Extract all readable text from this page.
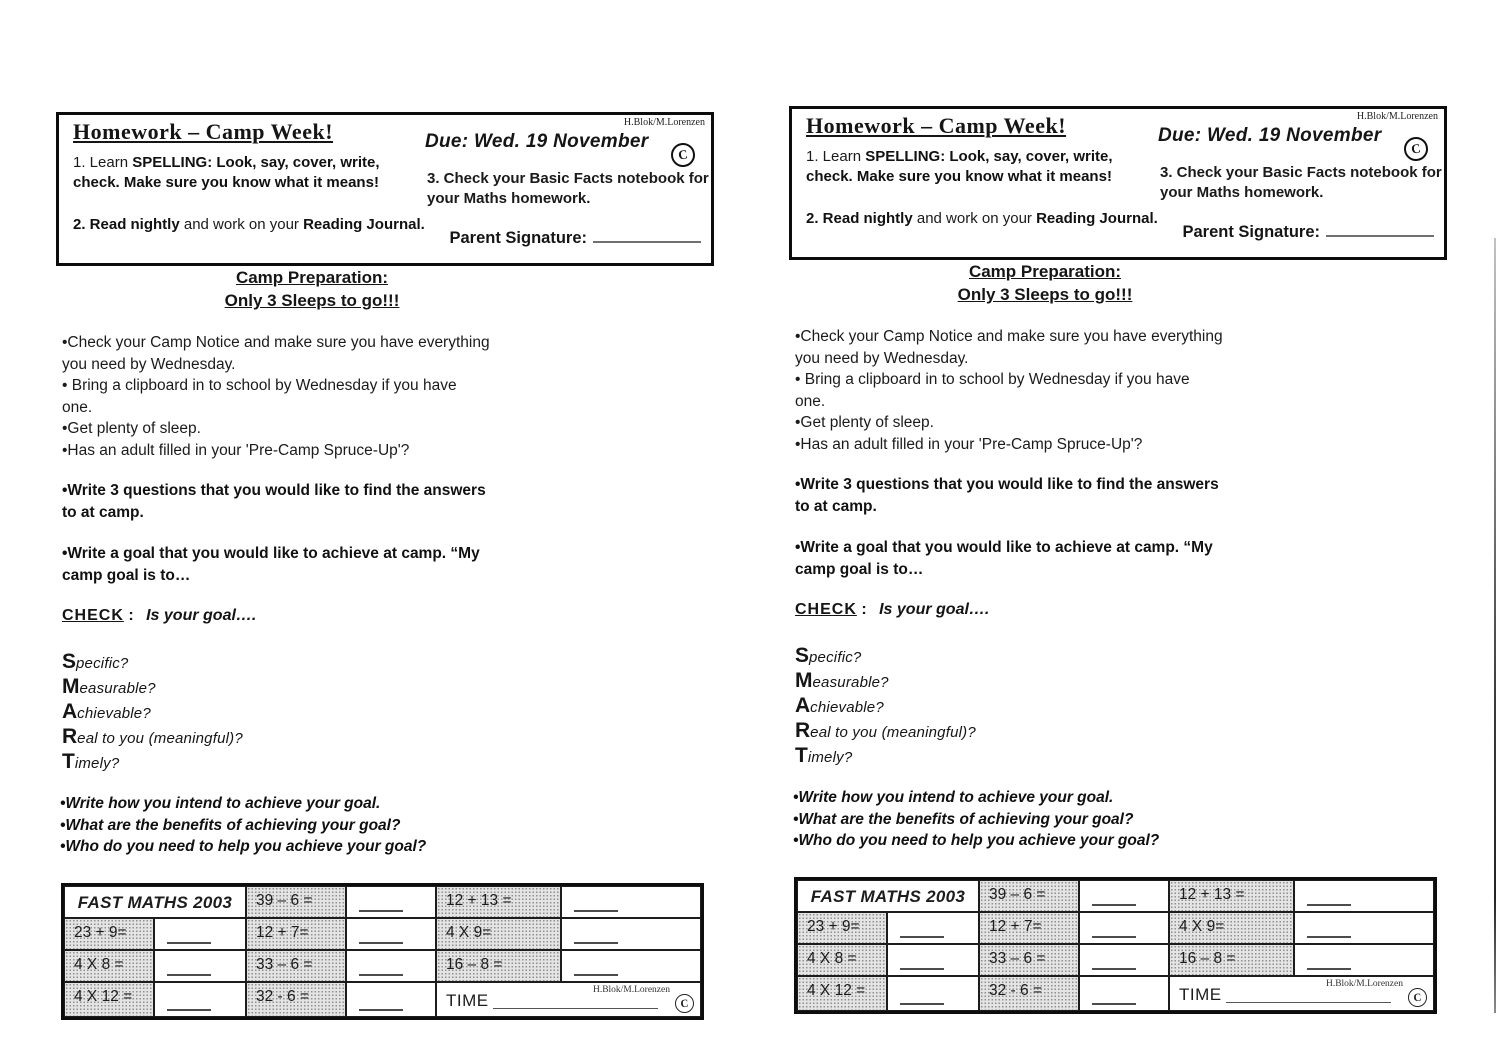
Homework – Camp Week!	H.Blok/M.Lorenzen
Due: Wed. 19 November
C

1. Learn SPELLING: Look, say, cover, write, check. Make sure you know what it means!	3. Check your Basic Facts notebook for your Maths homework.

2. Read nightly and work on your Reading Journal.

Parent Signature:
Camp Preparation:
Only 3 Sleeps to go!!!
•Check your Camp Notice and make sure you have everything you need by Wednesday.
• Bring a clipboard in to school by Wednesday if you have one.
•Get plenty of sleep.
•Has an adult filled in your 'Pre-Camp Spruce-Up'?
•Write 3 questions that you would like to find the answers to at camp.
•Write a goal that you would like to achieve at camp. “My camp goal is to…
CHECK : Is your goal….
Specific?
Measurable?
Achievable?
Real to you (meaningful)?
Timely?
•Write how you intend to achieve your goal.
•What are the benefits of achieving your goal?
•Who do you need to help you achieve your goal?
FAST MATHS 2003	39 – 6 =	12 + 13 =
23 + 9=	12 + 7=	4 X 9=
4 X 8 =	33 – 6 =	16 – 8 =
4 X 12 =	32 - 6 =	TIME
H.Blok/M.Lorenzen
C
Homework – Camp Week!	H.Blok/M.Lorenzen
Due: Wed. 19 November
C

1. Learn SPELLING: Look, say, cover, write, check. Make sure you know what it means!	3. Check your Basic Facts notebook for your Maths homework.

2. Read nightly and work on your Reading Journal.

Parent Signature:
Camp Preparation:
Only 3 Sleeps to go!!!
•Check your Camp Notice and make sure you have everything you need by Wednesday.
• Bring a clipboard in to school by Wednesday if you have one.
•Get plenty of sleep.
•Has an adult filled in your 'Pre-Camp Spruce-Up'?
•Write 3 questions that you would like to find the answers to at camp.
•Write a goal that you would like to achieve at camp. “My camp goal is to…
CHECK : Is your goal….
Specific?
Measurable?
Achievable?
Real to you (meaningful)?
Timely?
•Write how you intend to achieve your goal.
•What are the benefits of achieving your goal?
•Who do you need to help you achieve your goal?
FAST MATHS 2003	39 – 6 =	12 + 13 =
23 + 9=	12 + 7=	4 X 9=
4 X 8 =	33 – 6 =	16 – 8 =
4 X 12 =	32 - 6 =	TIME
H.Blok/M.Lorenzen
C
